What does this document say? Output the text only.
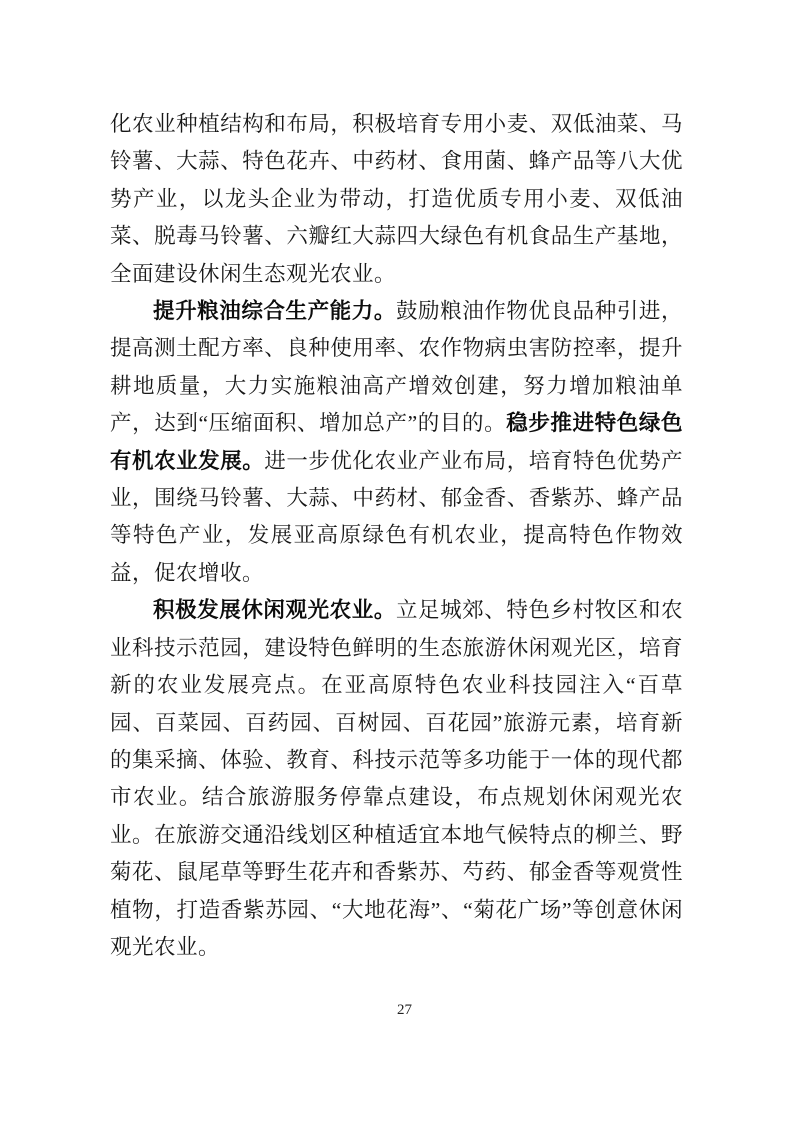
化农业种植结构和布局，积极培育专用小麦、双低油菜、马铃薯、大蒜、特色花卉、中药材、食用菌、蜂产品等八大优势产业，以龙头企业为带动，打造优质专用小麦、双低油菜、脱毒马铃薯、六瓣红大蒜四大绿色有机食品生产基地，全面建设休闲生态观光农业。

提升粮油综合生产能力。鼓励粮油作物优良品种引进，提高测土配方率、良种使用率、农作物病虫害防控率，提升耕地质量，大力实施粮油高产增效创建，努力增加粮油单产，达到“压缩面积、增加总产”的目的。稳步推进特色绿色有机农业发展。进一步优化农业产业布局，培育特色优势产业，围绕马铃薯、大蒜、中药材、郁金香、香紫苏、蜂产品等特色产业，发展亚高原绿色有机农业，提高特色作物效益，促农增收。

积极发展休闲观光农业。立足城郊、特色乡村牧区和农业科技示范园，建设特色鲜明的生态旅游休闲观光区，培育新的农业发展亮点。在亚高原特色农业科技园注入“百草园、百菜园、百药园、百树园、百花园”旅游元素，培育新的集采摘、体验、教育、科技示范等多功能于一体的现代都市农业。结合旅游服务停靠点建设，布点规划休闲观光农业。在旅游交通沿线划区种植适宜本地气候特点的柳兰、野菊花、鼠尾草等野生花卉和香紫苏、芍药、郁金香等观赏性植物，打造香紫苏园、“大地花海”、“菊花广场”等创意休闲观光农业。

27
